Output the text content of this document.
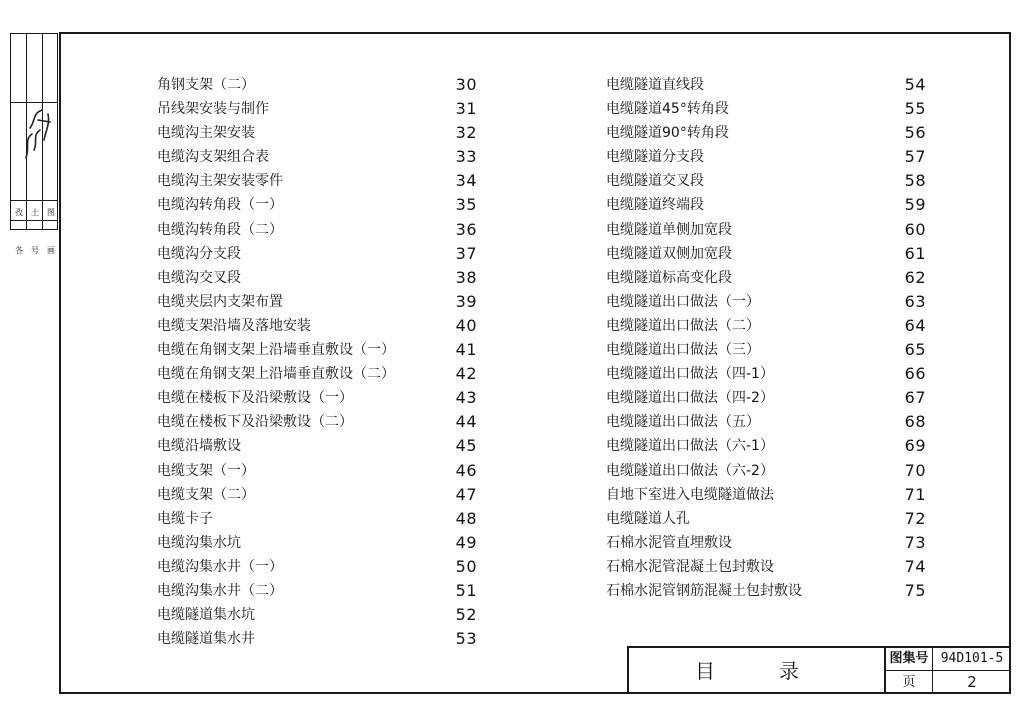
孜	土	图
各	号	画
角钢支架（二）	30
吊线架安装与制作	31
电缆沟主架安装	32
电缆沟支架组合表	33
电缆沟主架安装零件	34
电缆沟转角段（一）	35
电缆沟转角段（二）	36
电缆沟分支段	37
电缆沟交叉段	38
电缆夹层内支架布置	39
电缆支架沿墙及落地安装	40
电缆在角钢支架上沿墙垂直敷设（一）	41
电缆在角钢支架上沿墙垂直敷设（二）	42
电缆在楼板下及沿梁敷设（一）	43
电缆在楼板下及沿梁敷设（二）	44
电缆沿墙敷设	45
电缆支架（一）	46
电缆支架（二）	47
电缆卡子	48
电缆沟集水坑	49
电缆沟集水井（一）	50
电缆沟集水井（二）	51
电缆隧道集水坑	52
电缆隧道集水井	53
电缆隧道直线段	54
电缆隧道45°转角段	55
电缆隧道90°转角段	56
电缆隧道分支段	57
电缆隧道交叉段	58
电缆隧道终端段	59
电缆隧道单侧加宽段	60
电缆隧道双侧加宽段	61
电缆隧道标高变化段	62
电缆隧道出口做法（一）	63
电缆隧道出口做法（二）	64
电缆隧道出口做法（三）	65
电缆隧道出口做法（四-1）	66
电缆隧道出口做法（四-2）	67
电缆隧道出口做法（五）	68
电缆隧道出口做法（六-1）	69
电缆隧道出口做法（六-2）	70
自地下室进入电缆隧道做法	71
电缆隧道人孔	72
石棉水泥管直埋敷设	73
石棉水泥管混凝土包封敷设	74
石棉水泥管钢筋混凝土包封敷设	75
·
目	录
图集号 94D101-5
页	2
